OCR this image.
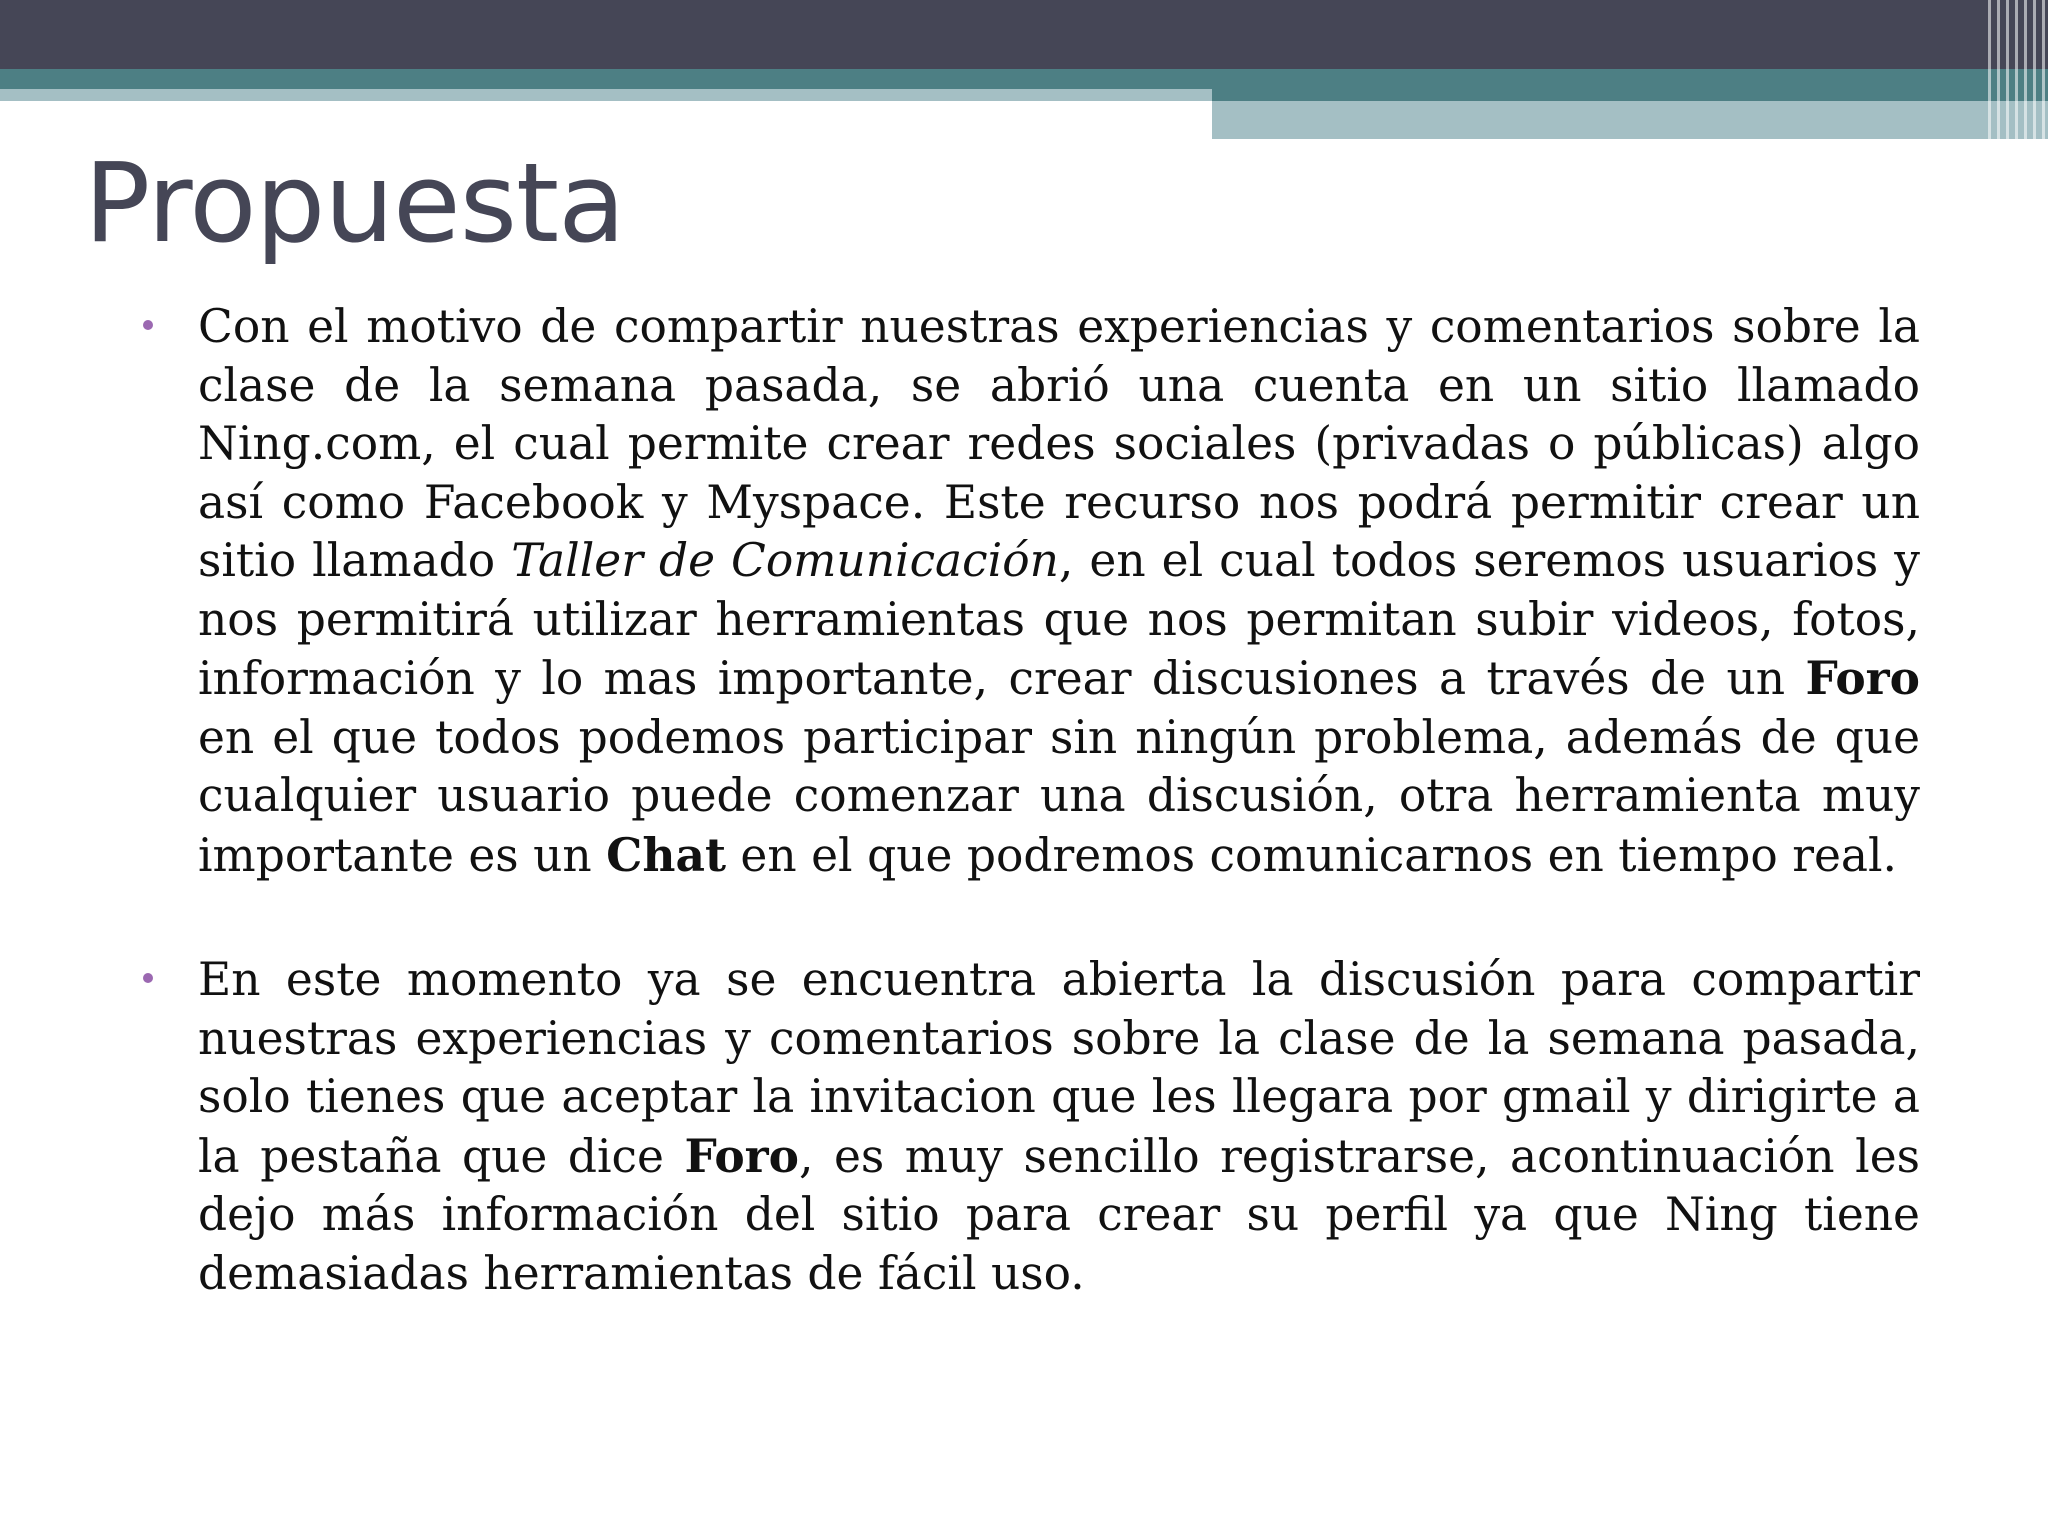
Propuesta

Con el motivo de compartir nuestras experiencias y comentarios sobre la clase de la semana pasada, se abrió una cuenta en un sitio llamado Ning.com, el cual permite crear redes sociales (privadas o públicas) algo así como Facebook y Myspace. Este recurso nos podrá permitir crear un sitio llamado Taller de Comunicación, en el cual todos seremos usuarios y nos permitirá utilizar herramientas que nos permitan subir videos, fotos, información y lo mas importante, crear discusiones a través de un Foro en el que todos podemos participar sin ningún problema, además de que cualquier usuario puede comenzar una discusión, otra herramienta muy importante es un Chat en el que podremos comunicarnos en tiempo real.

En este momento ya se encuentra abierta la discusión para compartir nuestras experiencias y comentarios sobre la clase de la semana pasada, solo tienes que aceptar la invitacion que les llegara por gmail y dirigirte a la pestaña que dice Foro, es muy sencillo registrarse, acontinuación les dejo más información del sitio para crear su perfil ya que Ning tiene demasiadas herramientas de fácil uso.
